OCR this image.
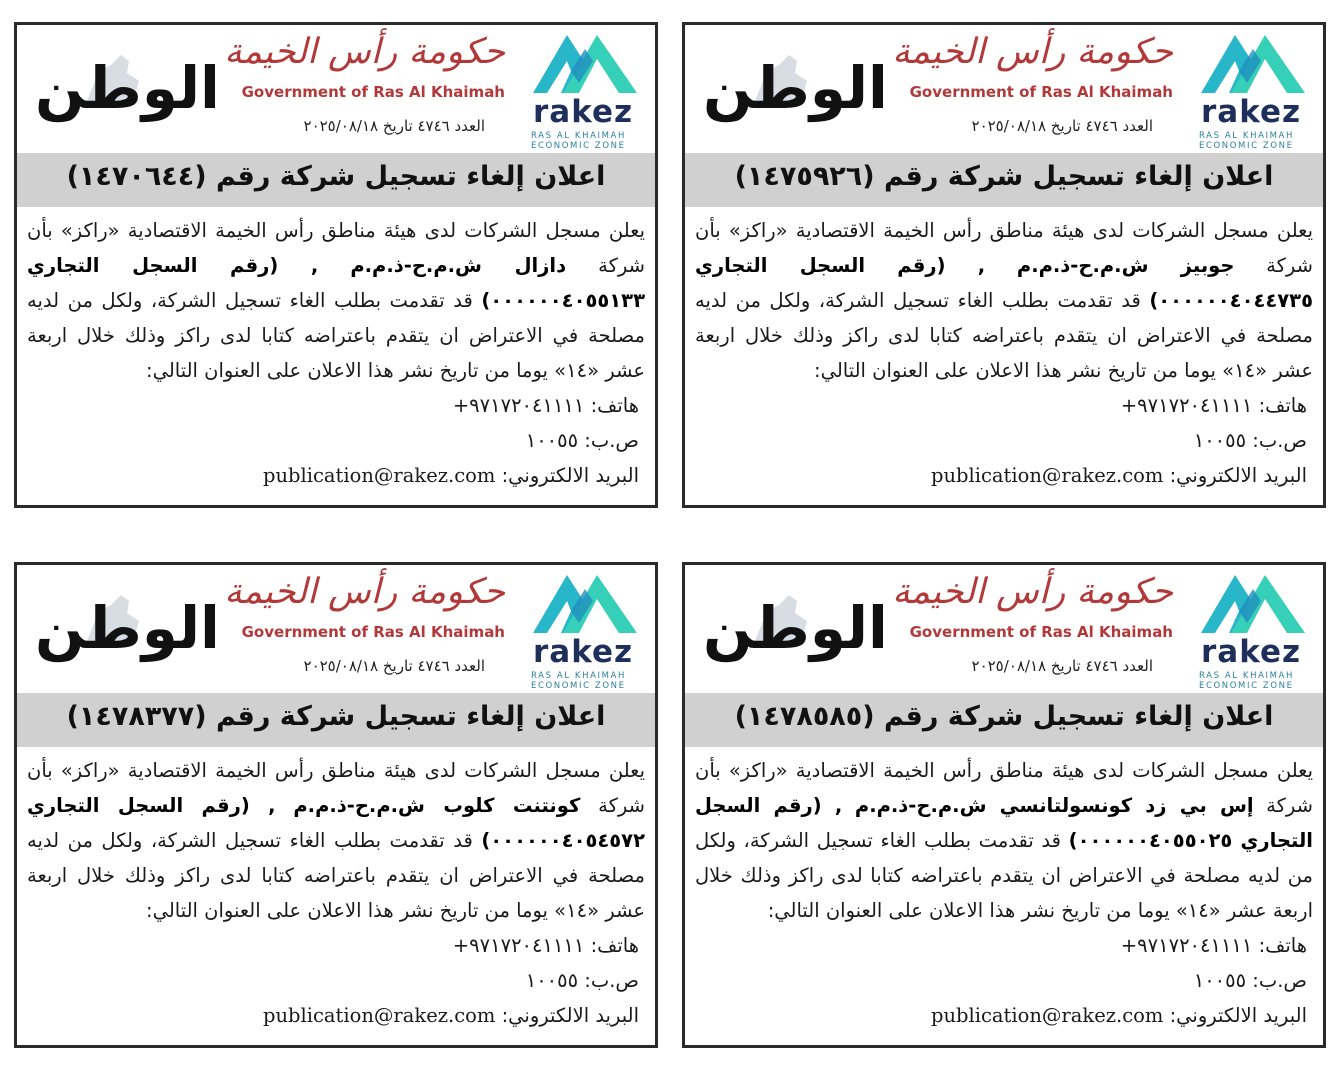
rakez
RAS AL KHAIMAH
ECONOMIC ZONE
حكومة رأس الخيمة
Government of Ras Al Khaimah
العدد ٤٧٤٦ تاريخ ٢٠٢٥/٠٨/١٨
الوطن
اعلان إلغاء تسجيل شركة رقم (١٤٧٥٩٢٦)
يعلن مسجل الشركات لدى هيئة مناطق رأس الخيمة الاقتصادية «راكز» بأن شركة جوبيز ش.م.ح-ذ.م.م , (رقم السجل التجاري ٠٠٠٠٠٠٤٠٤٤٧٣٥) قد تقدمت بطلب الغاء تسجيل الشركة، ولكل من لديه مصلحة في الاعتراض ان يتقدم باعتراضه كتابا لدى راكز وذلك خلال اربعة عشر «١٤» يوما من تاريخ نشر هذا الاعلان على العنوان التالي:
هاتف: ٩٧١٧٢٠٤١١١١+
ص.ب: ١٠٠٥٥
البريد الالكتروني: publication@rakez.com
rakez
RAS AL KHAIMAH
ECONOMIC ZONE
حكومة رأس الخيمة
Government of Ras Al Khaimah
العدد ٤٧٤٦ تاريخ ٢٠٢٥/٠٨/١٨
الوطن
اعلان إلغاء تسجيل شركة رقم (١٤٧٠٦٤٤)
يعلن مسجل الشركات لدى هيئة مناطق رأس الخيمة الاقتصادية «راكز» بأن شركة دازال ش.م.ح-ذ.م.م , (رقم السجل التجاري ٠٠٠٠٠٠٤٠٥٥١٣٣) قد تقدمت بطلب الغاء تسجيل الشركة، ولكل من لديه مصلحة في الاعتراض ان يتقدم باعتراضه كتابا لدى راكز وذلك خلال اربعة عشر «١٤» يوما من تاريخ نشر هذا الاعلان على العنوان التالي:
هاتف: ٩٧١٧٢٠٤١١١١+
ص.ب: ١٠٠٥٥
البريد الالكتروني: publication@rakez.com
rakez
RAS AL KHAIMAH
ECONOMIC ZONE
حكومة رأس الخيمة
Government of Ras Al Khaimah
العدد ٤٧٤٦ تاريخ ٢٠٢٥/٠٨/١٨
الوطن
اعلان إلغاء تسجيل شركة رقم (١٤٧٨٥٨٥)
يعلن مسجل الشركات لدى هيئة مناطق رأس الخيمة الاقتصادية «راكز» بأن شركة إس بي زد كونسولتانسي ش.م.ح-ذ.م.م , (رقم السجل التجاري ٠٠٠٠٠٠٤٠٥٥٠٢٥) قد تقدمت بطلب الغاء تسجيل الشركة، ولكل من لديه مصلحة في الاعتراض ان يتقدم باعتراضه كتابا لدى راكز وذلك خلال اربعة عشر «١٤» يوما من تاريخ نشر هذا الاعلان على العنوان التالي:
هاتف: ٩٧١٧٢٠٤١١١١+
ص.ب: ١٠٠٥٥
البريد الالكتروني: publication@rakez.com
rakez
RAS AL KHAIMAH
ECONOMIC ZONE
حكومة رأس الخيمة
Government of Ras Al Khaimah
العدد ٤٧٤٦ تاريخ ٢٠٢٥/٠٨/١٨
الوطن
اعلان إلغاء تسجيل شركة رقم (١٤٧٨٣٧٧)
يعلن مسجل الشركات لدى هيئة مناطق رأس الخيمة الاقتصادية «راكز» بأن شركة كونتنت كلوب ش.م.ح-ذ.م.م , (رقم السجل التجاري ٠٠٠٠٠٠٤٠٥٤٥٧٢) قد تقدمت بطلب الغاء تسجيل الشركة، ولكل من لديه مصلحة في الاعتراض ان يتقدم باعتراضه كتابا لدى راكز وذلك خلال اربعة عشر «١٤» يوما من تاريخ نشر هذا الاعلان على العنوان التالي:
هاتف: ٩٧١٧٢٠٤١١١١+
ص.ب: ١٠٠٥٥
البريد الالكتروني: publication@rakez.com
